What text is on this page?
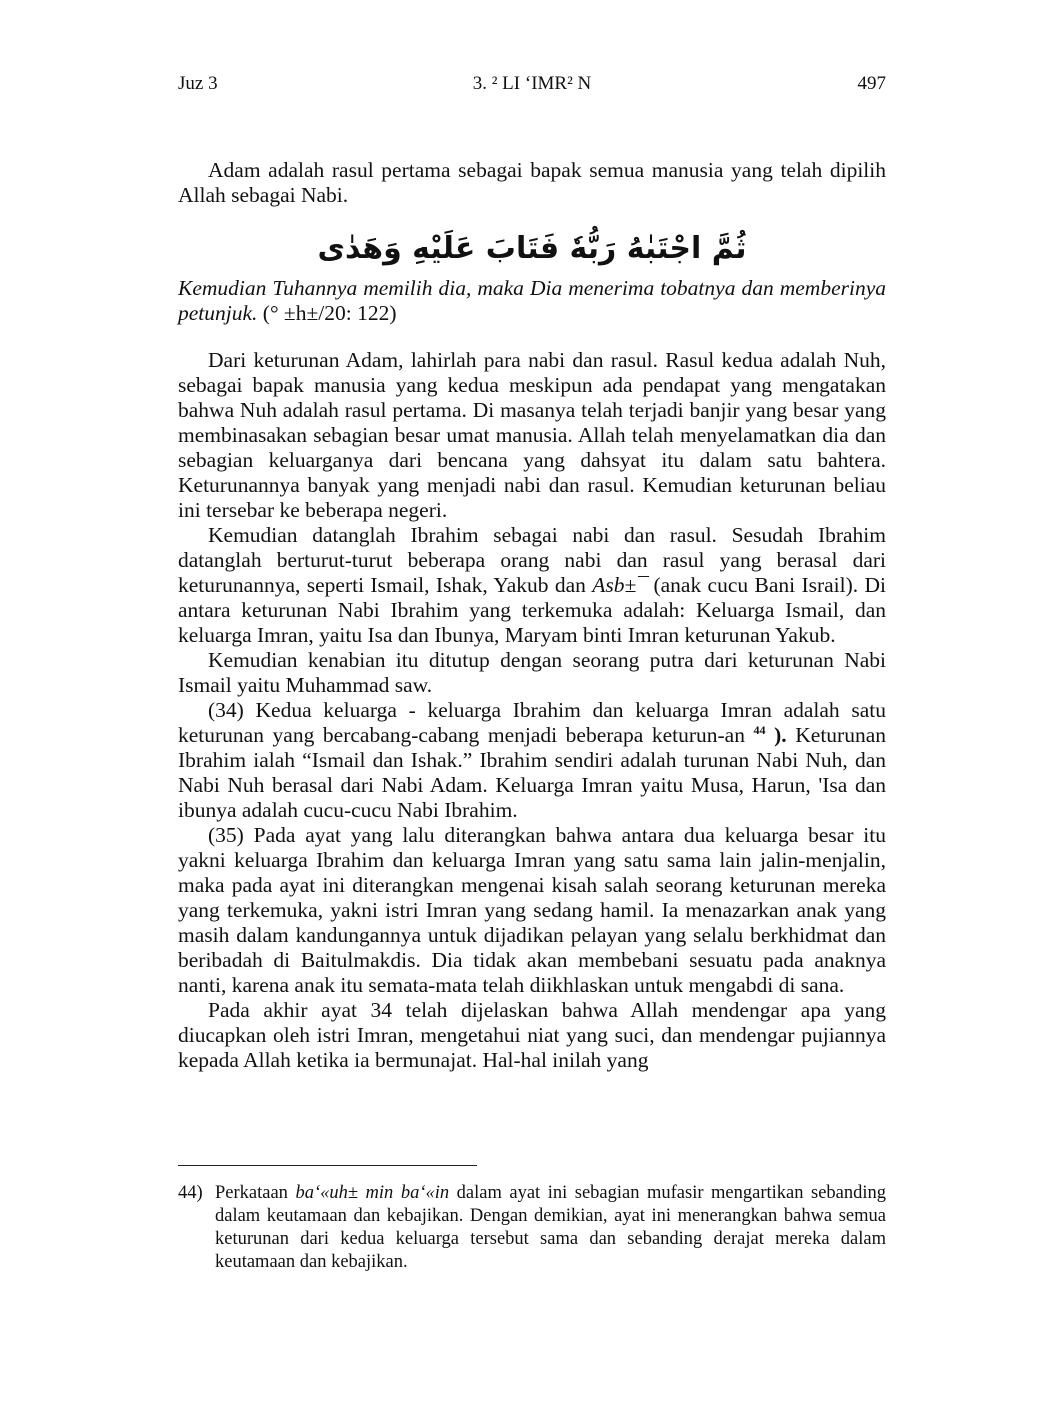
Juz 3	3. ² LI ‘IMR² N	497

Adam adalah rasul pertama sebagai bapak semua manusia yang telah dipilih Allah sebagai Nabi.

ثُمَّ اجْتَبٰهُ رَبُّهٗ فَتَابَ عَلَيْهِ وَهَدٰى

Kemudian Tuhannya memilih dia, maka Dia menerima tobatnya dan memberinya petunjuk. (° ±h±/20: 122)

Dari keturunan Adam, lahirlah para nabi dan rasul. Rasul kedua adalah Nuh, sebagai bapak manusia yang kedua meskipun ada pendapat yang mengatakan bahwa Nuh adalah rasul pertama. Di masanya telah terjadi banjir yang besar yang membinasakan sebagian besar umat manusia. Allah telah menyelamatkan dia dan sebagian keluarganya dari bencana yang dahsyat itu dalam satu bahtera. Keturunannya banyak yang menjadi nabi dan rasul. Kemudian keturunan beliau ini tersebar ke beberapa negeri.

Kemudian datanglah Ibrahim sebagai nabi dan rasul. Sesudah Ibrahim datanglah berturut-turut beberapa orang nabi dan rasul yang berasal dari keturunannya, seperti Ismail, Ishak, Yakub dan Asb±¯ (anak cucu Bani Israil). Di antara keturunan Nabi Ibrahim yang terkemuka adalah: Keluarga Ismail, dan keluarga Imran, yaitu Isa dan Ibunya, Maryam binti Imran keturunan Yakub.

Kemudian kenabian itu ditutup dengan seorang putra dari keturunan Nabi Ismail yaitu Muhammad saw.

(34) Kedua keluarga - keluarga Ibrahim dan keluarga Imran adalah satu keturunan yang bercabang-cabang menjadi beberapa keturun-an $^{44}$ ). Keturunan Ibrahim ialah “Ismail dan Ishak.” Ibrahim sendiri adalah turunan Nabi Nuh, dan Nabi Nuh berasal dari Nabi Adam. Keluarga Imran yaitu Musa, Harun, 'Isa dan ibunya adalah cucu-cucu Nabi Ibrahim.

(35) Pada ayat yang lalu diterangkan bahwa antara dua keluarga besar itu yakni keluarga Ibrahim dan keluarga Imran yang satu sama lain jalin-menjalin, maka pada ayat ini diterangkan mengenai kisah salah seorang keturunan mereka yang terkemuka, yakni istri Imran yang sedang hamil. Ia menazarkan anak yang masih dalam kandungannya untuk dijadikan pelayan yang selalu berkhidmat dan beribadah di Baitulmakdis. Dia tidak akan membebani sesuatu pada anaknya nanti, karena anak itu semata-mata telah diikhlaskan untuk mengabdi di sana.

Pada akhir ayat 34 telah dijelaskan bahwa Allah mendengar apa yang diucapkan oleh istri Imran, mengetahui niat yang suci, dan mendengar pujiannya kepada Allah ketika ia bermunajat. Hal-hal inilah yang

44) Perkataan ba‘«uh± min ba‘«in dalam ayat ini sebagian mufasir mengartikan sebanding dalam keutamaan dan kebajikan. Dengan demikian, ayat ini menerangkan bahwa semua keturunan dari kedua keluarga tersebut sama dan sebanding derajat mereka dalam keutamaan dan kebajikan.
